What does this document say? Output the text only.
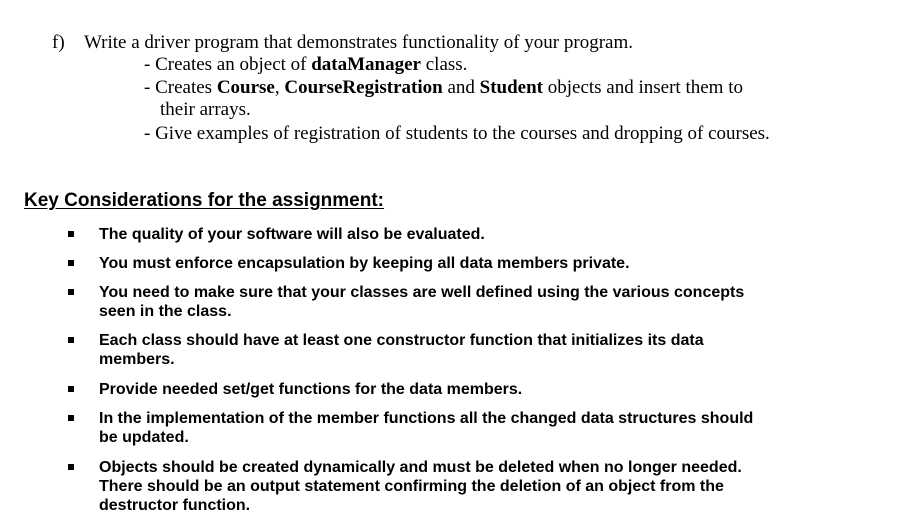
f) Write a driver program that demonstrates functionality of your program.
- Creates an object of dataManager class.
- Creates Course, CourseRegistration and Student objects and insert them to
their arrays.
- Give examples of registration of students to the courses and dropping of courses.
Key Considerations for the assignment:
The quality of your software will also be evaluated.
You must enforce encapsulation by keeping all data members private.
You need to make sure that your classes are well defined using the various concepts
seen in the class.
Each class should have at least one constructor function that initializes its data
members.
Provide needed set/get functions for the data members.
In the implementation of the member functions all the changed data structures should
be updated.
Objects should be created dynamically and must be deleted when no longer needed.
There should be an output statement confirming the deletion of an object from the
destructor function.
